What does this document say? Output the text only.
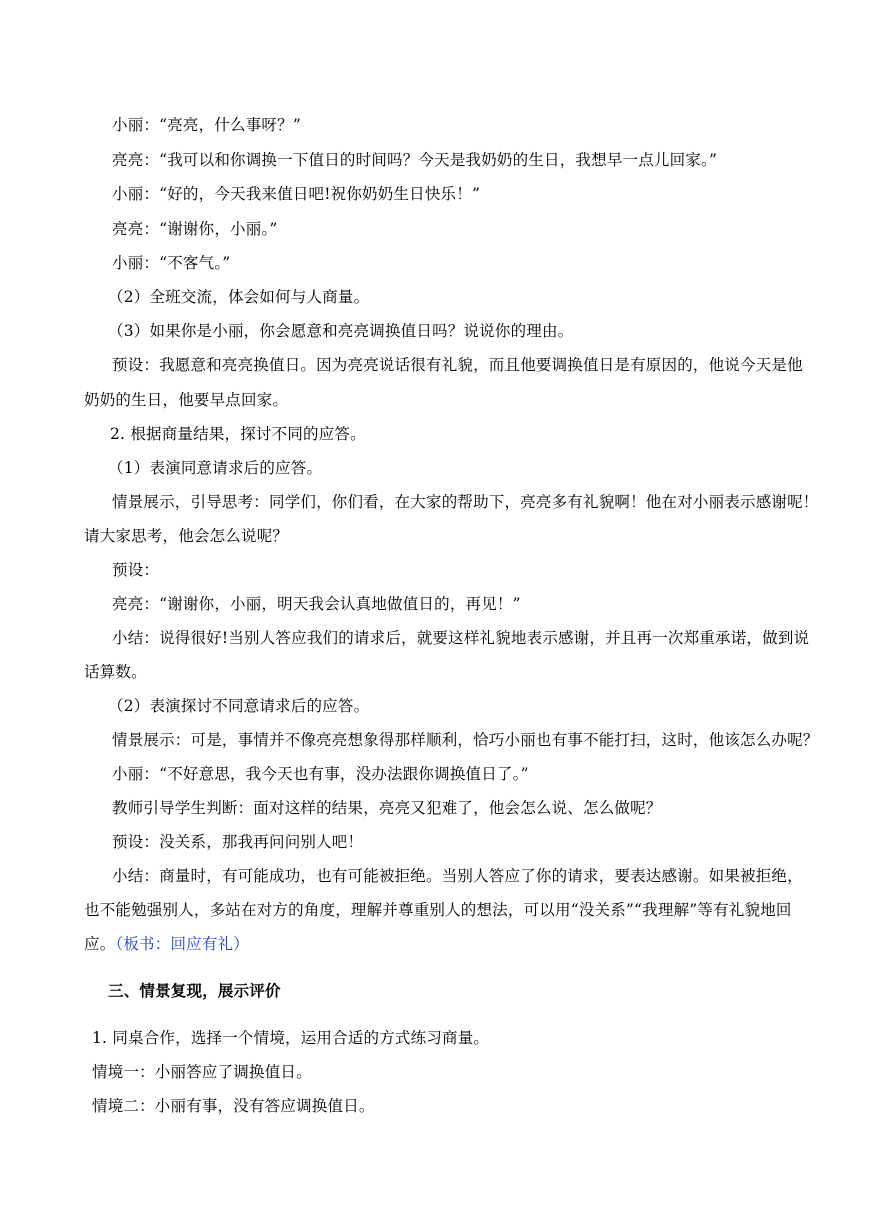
小丽：“亮亮，什么事呀？”
亮亮：“我可以和你调换一下值日的时间吗？今天是我奶奶的生日，我想早一点儿回家。”
小丽：“好的，今天我来值日吧!祝你奶奶生日快乐！”
亮亮：“谢谢你，小丽。”
小丽：“不客气。”
（2）全班交流，体会如何与人商量。
（3）如果你是小丽，你会愿意和亮亮调换值日吗？说说你的理由。
预设：我愿意和亮亮换值日。因为亮亮说话很有礼貌，而且他要调换值日是有原因的，他说今天是他
奶奶的生日，他要早点回家。
2. 根据商量结果，探讨不同的应答。
（1）表演同意请求后的应答。
情景展示，引导思考：同学们，你们看，在大家的帮助下，亮亮多有礼貌啊！他在对小丽表示感谢呢！
请大家思考，他会怎么说呢？
预设：
亮亮：“谢谢你，小丽，明天我会认真地做值日的，再见！”
小结：说得很好!当别人答应我们的请求后，就要这样礼貌地表示感谢，并且再一次郑重承诺，做到说
话算数。
（2）表演探讨不同意请求后的应答。
情景展示：可是，事情并不像亮亮想象得那样顺利，恰巧小丽也有事不能打扫，这时，他该怎么办呢？
小丽：“不好意思，我今天也有事，没办法跟你调换值日了。”
教师引导学生判断：面对这样的结果，亮亮又犯难了，他会怎么说、怎么做呢？
预设：没关系，那我再问问别人吧！
小结：商量时，有可能成功，也有可能被拒绝。当别人答应了你的请求，要表达感谢。如果被拒绝，
也不能勉强别人，多站在对方的角度，理解并尊重别人的想法，可以用“没关系”“我理解”等有礼貌地回
应。（板书：回应有礼）
三、情景复现，展示评价
1. 同桌合作，选择一个情境，运用合适的方式练习商量。
情境一：小丽答应了调换值日。
情境二：小丽有事，没有答应调换值日。
